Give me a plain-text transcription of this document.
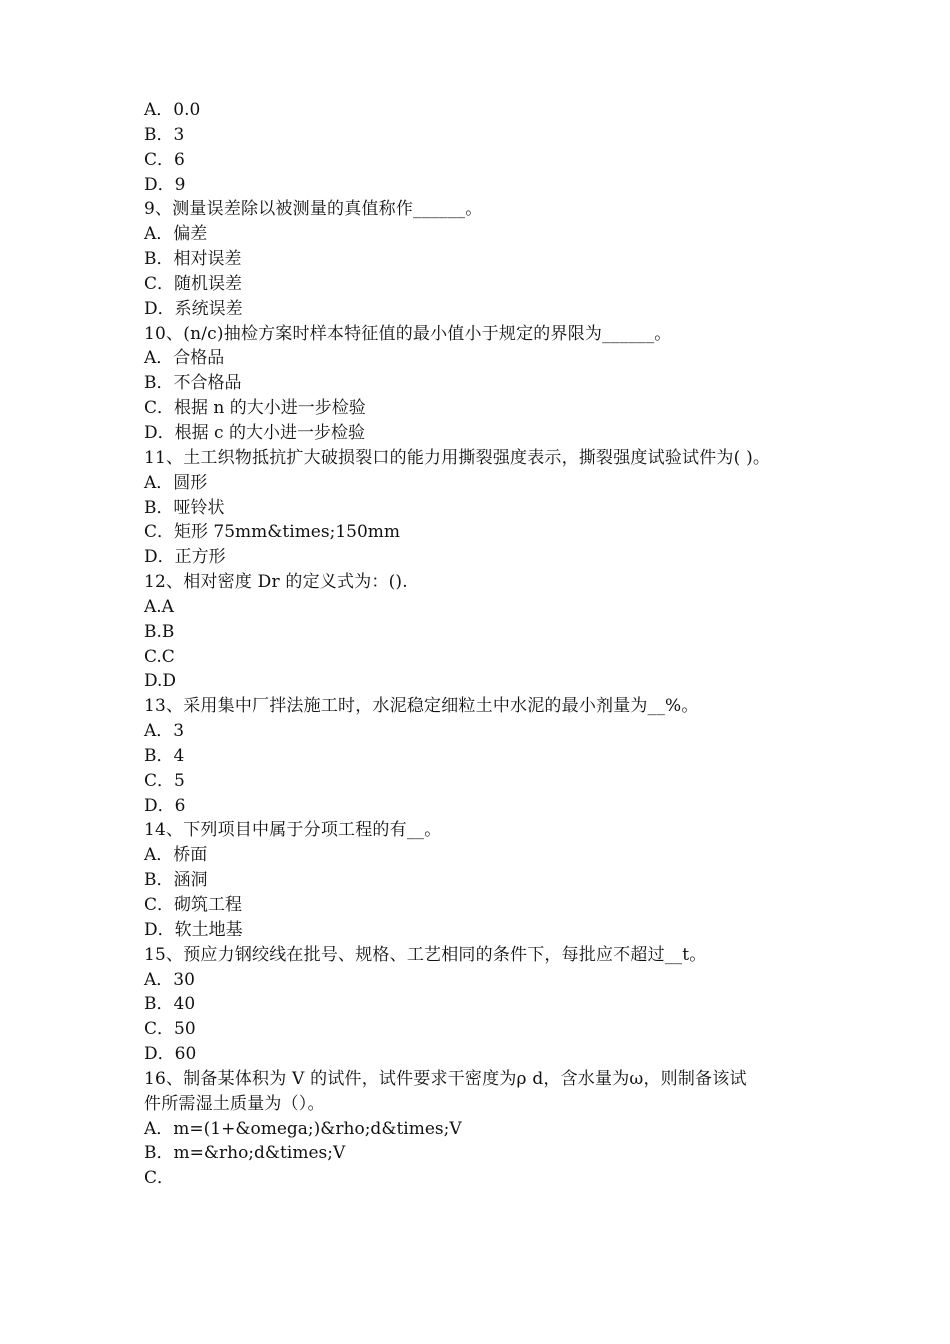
A．0.0
B．3
C．6
D．9
9、测量误差除以被测量的真值称作______。
A．偏差
B．相对误差
C．随机误差
D．系统误差
10、(n/c)抽检方案时样本特征值的最小值小于规定的界限为______。
A．合格品
B．不合格品
C．根据 n 的大小进一步检验
D．根据 c 的大小进一步检验
11、土工织物抵抗扩大破损裂口的能力用撕裂强度表示，撕裂强度试验试件为( )。
A．圆形
B．哑铃状
C．矩形 75mm&times;150mm
D．正方形
12、相对密度 Dr 的定义式为：().
A.A
B.B
C.C
D.D
13、采用集中厂拌法施工时，水泥稳定细粒土中水泥的最小剂量为__%。
A．3
B．4
C．5
D．6
14、下列项目中属于分项工程的有__。
A．桥面
B．涵洞
C．砌筑工程
D．软土地基
15、预应力钢绞线在批号、规格、工艺相同的条件下，每批应不超过__t。
A．30
B．40
C．50
D．60
16、制备某体积为 V 的试件，试件要求干密度为ρ d，含水量为ω，则制备该试
件所需湿土质量为（）。
A．m=(1+&omega;)&rho;d&times;V
B．m=&rho;d&times;V
C．
